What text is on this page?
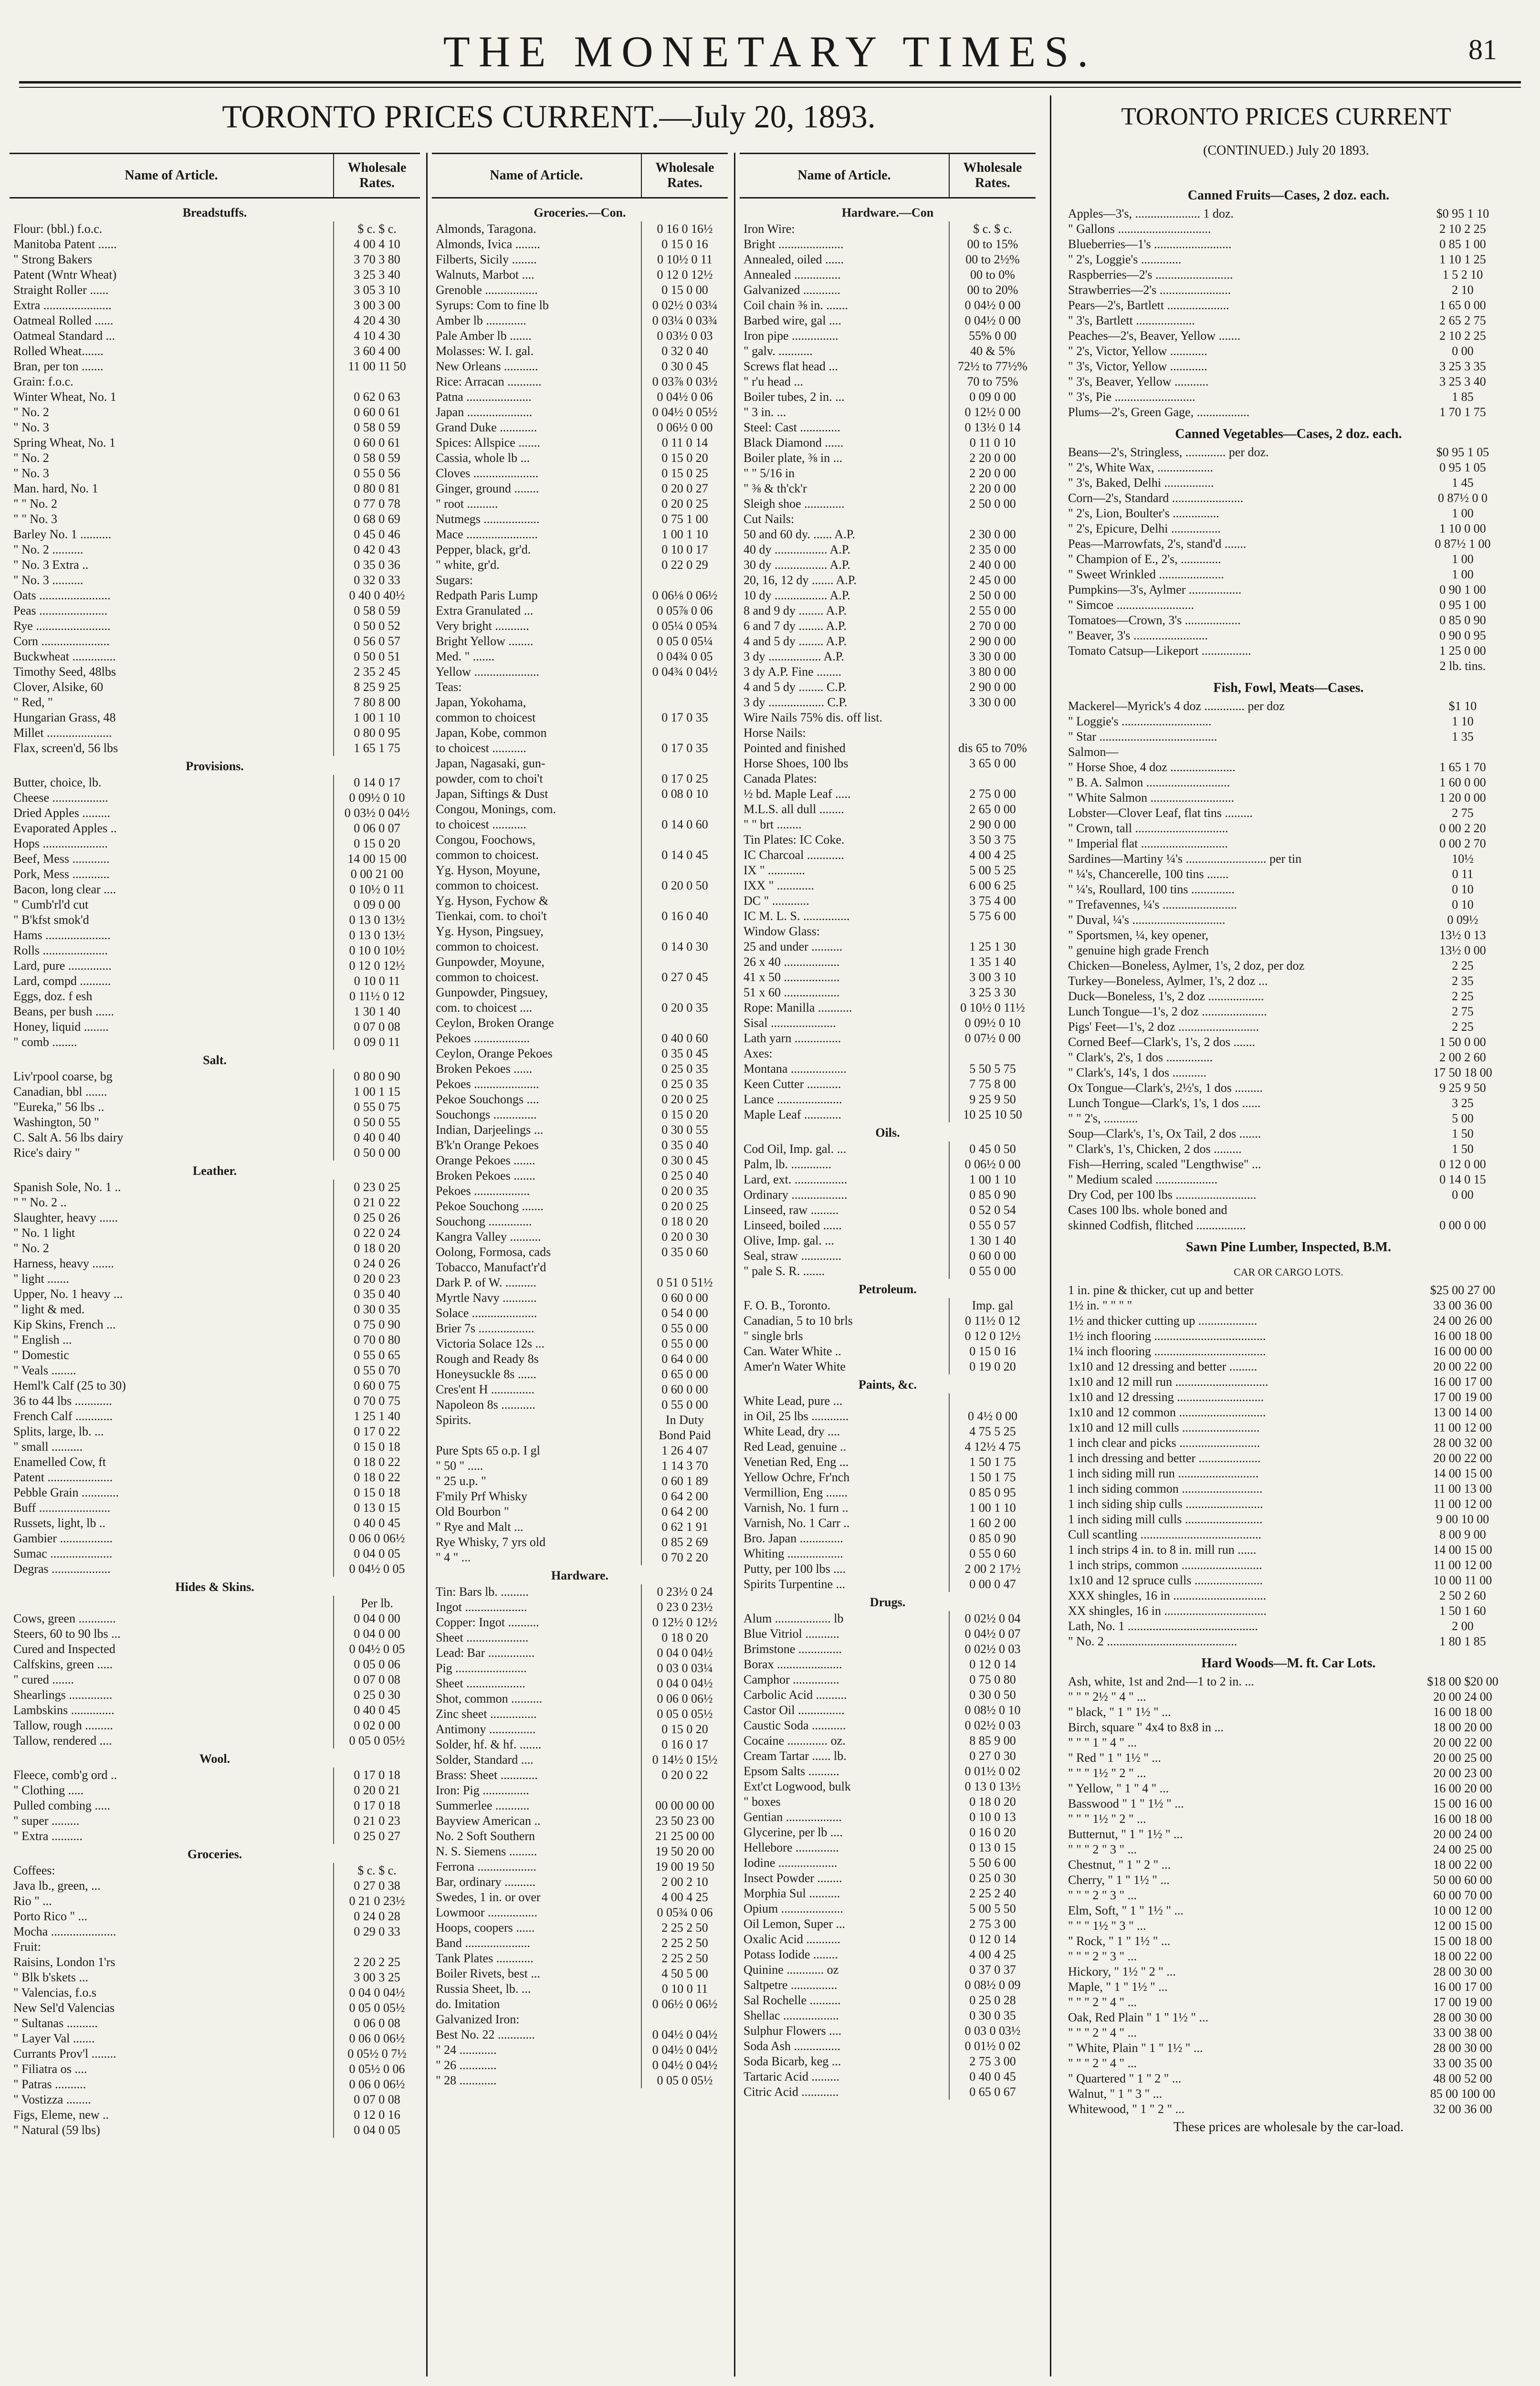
THE MONETARY TIMES.	81
TORONTO PRICES CURRENT.—July 20, 1893.	TORONTO PRICES CURRENT
(CONTINUED.) July 20 1893.
Name of Article.
Wholesale Rates.
Breadstuffs.
Flour: (bbl.) f.o.c.	$ c. $ c.
Manitoba Patent ......	4 00 4 10
" Strong Bakers	3 70 3 80
Patent (Wntr Wheat)	3 25 3 40
Straight Roller ......	3 05 3 10
Extra ......................	3 00 3 00
Oatmeal Rolled ......	4 20 4 30
Oatmeal Standard ...	4 10 4 30
Rolled Wheat.......	3 60 4 00
Bran, per ton .......	11 00 11 50
Grain: f.o.c.
Winter Wheat, No. 1	0 62 0 63
" No. 2	0 60 0 61
" No. 3	0 58 0 59
Spring Wheat, No. 1	0 60 0 61
" No. 2	0 58 0 59
" No. 3	0 55 0 56
Man. hard, No. 1	0 80 0 81
" " No. 2	0 77 0 78
" " No. 3	0 68 0 69
Barley No. 1 ..........	0 45 0 46
" No. 2 ..........	0 42 0 43
" No. 3 Extra ..	0 35 0 36
" No. 3 ..........	0 32 0 33
Oats .......................	0 40 0 40½
Peas ......................	0 58 0 59
Rye ........................	0 50 0 52
Corn ......................	0 56 0 57
Buckwheat ..............	0 50 0 51
Timothy Seed, 48lbs	2 35 2 45
Clover, Alsike, 60	8 25 9 25
" Red, "	7 80 8 00
Hungarian Grass, 48	1 00 1 10
Millet .....................	0 80 0 95
Flax, screen'd, 56 lbs	1 65 1 75
Provisions.
Butter, choice, lb.	0 14 0 17
Cheese ..................	0 09½ 0 10
Dried Apples .........	0 03½ 0 04½
Evaporated Apples ..	0 06 0 07
Hops .....................	0 15 0 20
Beef, Mess ............	14 00 15 00
Pork, Mess ............	0 00 21 00
Bacon, long clear ....	0 10½ 0 11
" Cumb'rl'd cut	0 09 0 00
" B'kfst smok'd	0 13 0 13½
Hams .....................	0 13 0 13½
Rolls .....................	0 10 0 10½
Lard, pure ..............	0 12 0 12½
Lard, compd ..........	0 10 0 11
Eggs, doz. f esh	0 11½ 0 12
Beans, per bush ......	1 30 1 40
Honey, liquid ........	0 07 0 08
" comb ........	0 09 0 11
Salt.
Liv'rpool coarse, bg	0 80 0 90
Canadian, bbl .......	1 00 1 15
"Eureka," 56 lbs ..	0 55 0 75
Washington, 50 "	0 50 0 55
C. Salt A. 56 lbs dairy	0 40 0 40
Rice's dairy "	0 50 0 00
Leather.
Spanish Sole, No. 1 ..	0 23 0 25
" " No. 2 ..	0 21 0 22
Slaughter, heavy ......	0 25 0 26
" No. 1 light	0 22 0 24
" No. 2	0 18 0 20
Harness, heavy .......	0 24 0 26
" light .......	0 20 0 23
Upper, No. 1 heavy ...	0 35 0 40
" light & med.	0 30 0 35
Kip Skins, French ...	0 75 0 90
" English ...	0 70 0 80
" Domestic	0 55 0 65
" Veals ........	0 55 0 70
Heml'k Calf (25 to 30)	0 60 0 75
36 to 44 lbs ............	0 70 0 75
French Calf ............	1 25 1 40
Splits, large, lb. ...	0 17 0 22
" small ..........	0 15 0 18
Enamelled Cow, ft	0 18 0 22
Patent .....................	0 18 0 22
Pebble Grain ............	0 15 0 18
Buff .......................	0 13 0 15
Russets, light, lb ..	0 40 0 45
Gambier .................	0 06 0 06½
Sumac ....................	0 04 0 05
Degras ...................	0 04½ 0 05
Hides & Skins.
Per lb.
Cows, green ............	0 04 0 00
Steers, 60 to 90 lbs ...	0 04 0 00
Cured and Inspected	0 04½ 0 05
Calfskins, green .....	0 05 0 06
" cured .......	0 07 0 08
Shearlings ..............	0 25 0 30
Lambskins ..............	0 40 0 45
Tallow, rough .........	0 02 0 00
Tallow, rendered ....	0 05 0 05½
Wool.
Fleece, comb'g ord ..	0 17 0 18
" Clothing .....	0 20 0 21
Pulled combing .....	0 17 0 18
" super .........	0 21 0 23
" Extra ..........	0 25 0 27
Groceries.
Coffees:	$ c. $ c.
Java lb., green, ...	0 27 0 38
Rio " ...	0 21 0 23½
Porto Rico " ...	0 24 0 28
Mocha .....................	0 29 0 33
Fruit:
Raisins, London 1'rs	2 20 2 25
" Blk b'skets ...	3 00 3 25
" Valencias, f.o.s	0 04 0 04½
New Sel'd Valencias	0 05 0 05½
" Sultanas ..........	0 06 0 08
" Layer Val .......	0 06 0 06½
Currants Prov'l ........	0 05½ 0 7½
" Filiatra os ....	0 05½ 0 06
" Patras ..........	0 06 0 06½
" Vostizza ........	0 07 0 08
Figs, Eleme, new ..	0 12 0 16
" Natural (59 lbs)	0 04 0 05
Name of Article.
Wholesale Rates.
Groceries.—Con.
Almonds, Taragona.	0 16 0 16½
Almonds, Ivica ........	0 15 0 16
Filberts, Sicily ........	0 10½ 0 11
Walnuts, Marbot ....	0 12 0 12½
Grenoble .................	0 15 0 00
Syrups: Com to fine lb	0 02½ 0 03¼
Amber lb .............	0 03¼ 0 03¾
Pale Amber lb .......	0 03½ 0 03
Molasses: W. I. gal.	0 32 0 40
New Orleans ...........	0 30 0 45
Rice: Arracan ...........	0 03⅞ 0 03½
Patna .....................	0 04½ 0 06
Japan .....................	0 04½ 0 05½
Grand Duke ............	0 06½ 0 00
Spices: Allspice .......	0 11 0 14
Cassia, whole lb ...	0 15 0 20
Cloves .....................	0 15 0 25
Ginger, ground ........	0 20 0 27
" root ..........	0 20 0 25
Nutmegs ..................	0 75 1 00
Mace .......................	1 00 1 10
Pepper, black, gr'd.	0 10 0 17
" white, gr'd.	0 22 0 29
Sugars:
Redpath Paris Lump	0 06⅛ 0 06½
Extra Granulated ...	0 05⅞ 0 06
Very bright ...........	0 05¼ 0 05¾
Bright Yellow ........	0 05 0 05¼
Med. " .......	0 04¾ 0 05
Yellow .....................	0 04¾ 0 04½
Teas:
Japan, Yokohama,
common to choicest	0 17 0 35
Japan, Kobe, common
to choicest ...........	0 17 0 35
Japan, Nagasaki, gun-
powder, com to choi't	0 17 0 25
Japan, Siftings & Dust	0 08 0 10
Congou, Monings, com.
to choicest ...........	0 14 0 60
Congou, Foochows,
common to choicest.	0 14 0 45
Yg. Hyson, Moyune,
common to choicest.	0 20 0 50
Yg. Hyson, Fychow &
Tienkai, com. to choi't	0 16 0 40
Yg. Hyson, Pingsuey,
common to choicest.	0 14 0 30
Gunpowder, Moyune,
common to choicest.	0 27 0 45
Gunpowder, Pingsuey,
com. to choicest ....	0 20 0 35
Ceylon, Broken Orange
Pekoes ..................	0 40 0 60
Ceylon, Orange Pekoes	0 35 0 45
Broken Pekoes ......	0 25 0 35
Pekoes .....................	0 25 0 35
Pekoe Souchongs ....	0 20 0 25
Souchongs ..............	0 15 0 20
Indian, Darjeelings ...	0 30 0 55
B'k'n Orange Pekoes	0 35 0 40
Orange Pekoes .......	0 30 0 45
Broken Pekoes .......	0 25 0 40
Pekoes ..................	0 20 0 35
Pekoe Souchong .......	0 20 0 25
Souchong ..............	0 18 0 20
Kangra Valley ..........	0 20 0 30
Oolong, Formosa, cads	0 35 0 60
Tobacco, Manufact'r'd
Dark P. of W. ..........	0 51 0 51½
Myrtle Navy ...........	0 60 0 00
Solace .....................	0 54 0 00
Brier 7s ..................	0 55 0 00
Victoria Solace 12s ...	0 55 0 00
Rough and Ready 8s	0 64 0 00
Honeysuckle 8s ......	0 65 0 00
Cres'ent H ..............	0 60 0 00
Napoleon 8s ...........	0 55 0 00
Spirits.	In Duty
Bond Paid
Pure Spts 65 o.p. I gl	1 26 4 07
" 50 " .....	1 14 3 70
" 25 u.p. "	0 60 1 89
F'mily Prf Whisky	0 64 2 00
Old Bourbon "	0 64 2 00
" Rye and Malt ...	0 62 1 91
Rye Whisky, 7 yrs old	0 85 2 69
" 4 " ...	0 70 2 20
Hardware.
Tin: Bars lb. .........	0 23½ 0 24
Ingot ....................	0 23 0 23½
Copper: Ingot ..........	0 12½ 0 12½
Sheet ....................	0 18 0 20
Lead: Bar ...............	0 04 0 04½
Pig .......................	0 03 0 03¼
Sheet ...................	0 04 0 04½
Shot, common ..........	0 06 0 06½
Zinc sheet ...............	0 05 0 05½
Antimony ...............	0 15 0 20
Solder, hf. & hf. .......	0 16 0 17
Solder, Standard ....	0 14½ 0 15½
Brass: Sheet ............	0 20 0 22
Iron: Pig ...............
Summerlee ...........	00 00 00 00
Bayview American ..	23 50 23 00
No. 2 Soft Southern	21 25 00 00
N. S. Siemens .........	19 50 20 00
Ferrona ...................	19 00 19 50
Bar, ordinary ..........	2 00 2 10
Swedes, 1 in. or over	4 00 4 25
Lowmoor ................	0 05¾ 0 06
Hoops, coopers ......	2 25 2 50
Band .....................	2 25 2 50
Tank Plates ............	2 25 2 50
Boiler Rivets, best ...	4 50 5 00
Russia Sheet, lb. ...	0 10 0 11
do. Imitation	0 06½ 0 06½
Galvanized Iron:
Best No. 22 ............	0 04½ 0 04½
" 24 ............	0 04½ 0 04½
" 26 ............	0 04½ 0 04½
" 28 ............	0 05 0 05½
Name of Article.
Wholesale Rates.
Hardware.—Con
Iron Wire:	$ c. $ c.
Bright .....................	00 to 15%
Annealed, oiled ......	00 to 2½%
Annealed ...............	00 to 0%
Galvanized ............	00 to 20%
Coil chain ⅜ in. .......	0 04½ 0 00
Barbed wire, gal ....	0 04½ 0 00
Iron pipe ...............	55% 0 00
" galv. ...........	40 & 5%
Screws flat head ...	72½ to 77½%
" r'u head ...	70 to 75%
Boiler tubes, 2 in. ...	0 09 0 00
" 3 in. ...	0 12½ 0 00
Steel: Cast .............	0 13½ 0 14
Black Diamond ......	0 11 0 10
Boiler plate, ⅜ in ...	2 20 0 00
" " 5/16 in	2 20 0 00
" ⅜ & th'ck'r	2 20 0 00
Sleigh shoe .............	2 50 0 00
Cut Nails:
50 and 60 dy. ...... A.P.	2 30 0 00
40 dy ................. A.P.	2 35 0 00
30 dy ................. A.P.	2 40 0 00
20, 16, 12 dy ....... A.P.	2 45 0 00
10 dy ................. A.P.	2 50 0 00
8 and 9 dy ........ A.P.	2 55 0 00
6 and 7 dy ........ A.P.	2 70 0 00
4 and 5 dy ........ A.P.	2 90 0 00
3 dy ................. A.P.	3 30 0 00
3 dy A.P. Fine ........	3 80 0 00
4 and 5 dy ........ C.P.	2 90 0 00
3 dy .................. C.P.	3 30 0 00
Wire Nails 75% dis. off list.
Horse Nails:
Pointed and finished	dis 65 to 70%
Horse Shoes, 100 lbs	3 65 0 00
Canada Plates:
½ bd. Maple Leaf .....	2 75 0 00
M.L.S. all dull ........	2 65 0 00
" " brt ........	2 90 0 00
Tin Plates: IC Coke.	3 50 3 75
IC Charcoal ............	4 00 4 25
IX " ............	5 00 5 25
IXX " ............	6 00 6 25
DC " ............	3 75 4 00
IC M. L. S. ...............	5 75 6 00
Window Glass:
25 and under ..........	1 25 1 30
26 x 40 ..................	1 35 1 40
41 x 50 ..................	3 00 3 10
51 x 60 ..................	3 25 3 30
Rope: Manilla ...........	0 10½ 0 11½
Sisal .....................	0 09½ 0 10
Lath yarn ...............	0 07½ 0 00
Axes:
Montana ..................	5 50 5 75
Keen Cutter ...........	7 75 8 00
Lance .....................	9 25 9 50
Maple Leaf ............	10 25 10 50
Oils.
Cod Oil, Imp. gal. ...	0 45 0 50
Palm, lb. .............	0 06½ 0 00
Lard, ext. .................	1 00 1 10
Ordinary ..................	0 85 0 90
Linseed, raw .........	0 52 0 54
Linseed, boiled ......	0 55 0 57
Olive, Imp. gal. ...	1 30 1 40
Seal, straw .............	0 60 0 00
" pale S. R. .......	0 55 0 00
Petroleum.
F. O. B., Toronto.	Imp. gal
Canadian, 5 to 10 brls	0 11½ 0 12
" single brls	0 12 0 12½
Can. Water White ..	0 15 0 16
Amer'n Water White	0 19 0 20
Paints, &c.
White Lead, pure ...
in Oil, 25 lbs ............	0 4½ 0 00
White Lead, dry ....	4 75 5 25
Red Lead, genuine ..	4 12½ 4 75
Venetian Red, Eng ...	1 50 1 75
Yellow Ochre, Fr'nch	1 50 1 75
Vermillion, Eng .......	0 85 0 95
Varnish, No. 1 furn ..	1 00 1 10
Varnish, No. 1 Carr ..	1 60 2 00
Bro. Japan ..............	0 85 0 90
Whiting ..................	0 55 0 60
Putty, per 100 lbs ....	2 00 2 17½
Spirits Turpentine ...	0 00 0 47
Drugs.
Alum .................. lb	0 02½ 0 04
Blue Vitriol ...........	0 04½ 0 07
Brimstone ..............	0 02½ 0 03
Borax .....................	0 12 0 14
Camphor ...............	0 75 0 80
Carbolic Acid ..........	0 30 0 50
Castor Oil ...............	0 08½ 0 10
Caustic Soda ...........	0 02½ 0 03
Cocaine ............. oz.	8 85 9 00
Cream Tartar ...... lb.	0 27 0 30
Epsom Salts ..........	0 01½ 0 02
Ext'ct Logwood, bulk	0 13 0 13½
" boxes	0 18 0 20
Gentian ..................	0 10 0 13
Glycerine, per lb ....	0 16 0 20
Hellebore ..............	0 13 0 15
Iodine ...................	5 50 6 00
Insect Powder ........	0 25 0 30
Morphia Sul ..........	2 25 2 40
Opium ....................	5 00 5 50
Oil Lemon, Super ...	2 75 3 00
Oxalic Acid ...........	0 12 0 14
Potass Iodide ........	4 00 4 25
Quinine ............ oz	0 37 0 37
Saltpetre ...............	0 08½ 0 09
Sal Rochelle ..........	0 25 0 28
Shellac ..................	0 30 0 35
Sulphur Flowers ....	0 03 0 03½
Soda Ash ...............	0 01½ 0 02
Soda Bicarb, keg ...	2 75 3 00
Tartaric Acid .........	0 40 0 45
Citric Acid ............	0 65 0 67
Canned Fruits—Cases, 2 doz. each.
Apples—3's, ..................... 1 doz.	$0 95 1 10
" Gallons ..............................	2 10 2 25
Blueberries—1's .........................	0 85 1 00
" 2's, Loggie's .............	1 10 1 25
Raspberries—2's .........................	1 5 2 10
Strawberries—2's .......................	2 10
Pears—2's, Bartlett ....................	1 65 0 00
" 3's, Bartlett ...................	2 65 2 75
Peaches—2's, Beaver, Yellow .......	2 10 2 25
" 2's, Victor, Yellow ............	0 00
" 3's, Victor, Yellow ............	3 25 3 35
" 3's, Beaver, Yellow ...........	3 25 3 40
" 3's, Pie ..........................	1 85
Plums—2's, Green Gage, .................	1 70 1 75
Canned Vegetables—Cases, 2 doz. each.
Beans—2's, Stringless, ............. per doz.	$0 95 1 05
" 2's, White Wax, ..................	0 95 1 05
" 3's, Baked, Delhi ................	1 45
Corn—2's, Standard .......................	0 87½ 0 0
" 2's, Lion, Boulter's ...............	1 00
" 2's, Epicure, Delhi ................	1 10 0 00
Peas—Marrowfats, 2's, stand'd .......	0 87½ 1 00
" Champion of E., 2's, .............	1 00
" Sweet Wrinkled .....................	1 00
Pumpkins—3's, Aylmer .................	0 90 1 00
" Simcoe .........................	0 95 1 00
Tomatoes—Crown, 3's ..................	0 85 0 90
" Beaver, 3's ........................	0 90 0 95
Tomato Catsup—Likeport ................	1 25 0 00
2 lb. tins.
Fish, Fowl, Meats—Cases.
Mackerel—Myrick's 4 doz ............. per doz	$1 10
" Loggie's .............................	1 10
" Star ......................................	1 35
Salmon—
" Horse Shoe, 4 doz .....................	1 65 1 70
" B. A. Salmon ...........................	1 60 0 00
" White Salmon ...........................	1 20 0 00
Lobster—Clover Leaf, flat tins .........	2 75
" Crown, tall ..............................	0 00 2 20
" Imperial flat ............................	0 00 2 70
Sardines—Martiny ¼'s .......................... per tin	10½
" ¼'s, Chancerelle, 100 tins .......	0 11
" ¼'s, Roullard, 100 tins ..............	0 10
" Trefavennes, ¼'s ........................	0 10
" Duval, ¼'s ..............................	0 09½
" Sportsmen, ¼, key opener,	13½ 0 13
" genuine high grade French	13½ 0 00
Chicken—Boneless, Aylmer, 1's, 2 doz, per doz	2 25
Turkey—Boneless, Aylmer, 1's, 2 doz ...	2 35
Duck—Boneless, 1's, 2 doz ..................	2 25
Lunch Tongue—1's, 2 doz .....................	2 75
Pigs' Feet—1's, 2 doz ..........................	2 25
Corned Beef—Clark's, 1's, 2 dos .......	1 50 0 00
" Clark's, 2's, 1 dos ...............	2 00 2 60
" Clark's, 14's, 1 dos ...........	17 50 18 00
Ox Tongue—Clark's, 2½'s, 1 dos .........	9 25 9 50
Lunch Tongue—Clark's, 1's, 1 dos ......	3 25
" " 2's, ...........	5 00
Soup—Clark's, 1's, Ox Tail, 2 dos .......	1 50
" Clark's, 1's, Chicken, 2 dos .........	1 50
Fish—Herring, scaled "Lengthwise" ...	0 12 0 00
" Medium scaled ....................	0 14 0 15
Dry Cod, per 100 lbs ..........................	0 00
Cases 100 lbs. whole boned and
skinned Codfish, flitched ................	0 00 0 00
Sawn Pine Lumber, Inspected, B.M.
CAR OR CARGO LOTS.
1 in. pine & thicker, cut up and better	$25 00 27 00
1½ in. " " " "	33 00 36 00
1½ and thicker cutting up ...................	24 00 26 00
1½ inch flooring ....................................	16 00 18 00
1¼ inch flooring ....................................	16 00 00 00
1x10 and 12 dressing and better .........	20 00 22 00
1x10 and 12 mill run ..............................	16 00 17 00
1x10 and 12 dressing ............................	17 00 19 00
1x10 and 12 common ............................	13 00 14 00
1x10 and 12 mill culls .........................	11 00 12 00
1 inch clear and picks ..........................	28 00 32 00
1 inch dressing and better ....................	20 00 22 00
1 inch siding mill run ..........................	14 00 15 00
1 inch siding common ..........................	11 00 13 00
1 inch siding ship culls .........................	11 00 12 00
1 inch siding mill culls .........................	9 00 10 00
Cull scantling .......................................	8 00 9 00
1 inch strips 4 in. to 8 in. mill run ......	14 00 15 00
1 inch strips, common ..........................	11 00 12 00
1x10 and 12 spruce culls ......................	10 00 11 00
XXX shingles, 16 in ..............................	2 50 2 60
XX shingles, 16 in .................................	1 50 1 60
Lath, No. 1 ..........................................	2 00
" No. 2 ..........................................	1 80 1 85
Hard Woods—M. ft. Car Lots.
Ash, white, 1st and 2nd—1 to 2 in. ...	$18 00 $20 00
" " " 2½ " 4 " ...	20 00 24 00
" black, " 1 " 1½ " ...	16 00 18 00
Birch, square " 4x4 to 8x8 in ...	18 00 20 00
" " " 1 " 4 " ...	20 00 22 00
" Red " 1 " 1½ " ...	20 00 25 00
" " " 1½ " 2 " ...	20 00 23 00
" Yellow, " 1 " 4 " ...	16 00 20 00
Basswood " 1 " 1½ " ...	15 00 16 00
" " " 1½ " 2 " ...	16 00 18 00
Butternut, " 1 " 1½ " ...	20 00 24 00
" " " 2 " 3 " ...	24 00 25 00
Chestnut, " 1 " 2 " ...	18 00 22 00
Cherry, " 1 " 1½ " ...	50 00 60 00
" " " 2 " 3 " ...	60 00 70 00
Elm, Soft, " 1 " 1½ " ...	10 00 12 00
" " " 1½ " 3 " ...	12 00 15 00
" Rock, " 1 " 1½ " ...	15 00 18 00
" " " 2 " 3 " ...	18 00 22 00
Hickory, " 1½ " 2 " ...	28 00 30 00
Maple, " 1 " 1½ " ...	16 00 17 00
" " " 2 " 4 " ...	17 00 19 00
Oak, Red Plain " 1 " 1½ " ...	28 00 30 00
" " " 2 " 4 " ...	33 00 38 00
" White, Plain " 1 " 1½ " ...	28 00 30 00
" " " 2 " 4 " ...	33 00 35 00
" Quartered " 1 " 2 " ...	48 00 52 00
Walnut, " 1 " 3 " ...	85 00 100 00
Whitewood, " 1 " 2 " ...	32 00 36 00
These prices are wholesale by the car-load.
